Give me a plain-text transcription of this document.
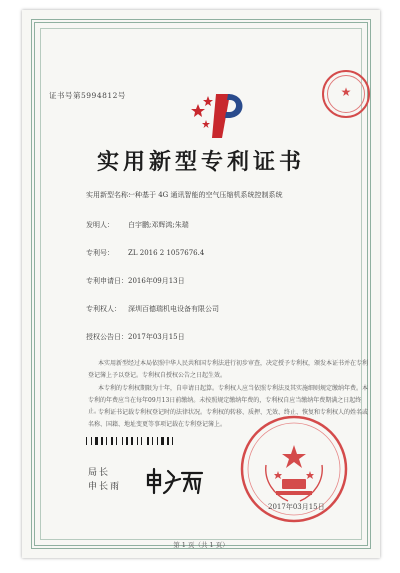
证书号第5994812号	★
实用新型专利证书
实用新型名称：一种基于 4G 通讯智能的空气压缩机系统控制系统
发明人： 白宇鹏;邓辉鸿;朱瑞
专利号： ZL 2016 2 1057676.4
专利申请日：2016年09月13日
专利权人： 深圳百德瑞机电设备有限公司
授权公告日：2017年03月15日
本实用新型经过本局依照中华人民共和国专利法进行初步审查，决定授予专利权，颁发本证书并在专利登记簿上予以登记。专利权自授权公告之日起生效。
本专利的专利权期限为十年，自申请日起算。专利权人应当依照专利法及其实施细则规定缴纳年费。本专利的年费应当在每年09月13日前缴纳。未按照规定缴纳年费的，专利权自应当缴纳年费期满之日起终止。
专利证书记载专利权登记时的法律状况。专利权的转移、质押、无效、终止、恢复和专利权人的姓名或名称、国籍、地址变更等事项记载在专利登记簿上。
局长
申长雨
2017年03月15日
第 1 页（共 1 页）
